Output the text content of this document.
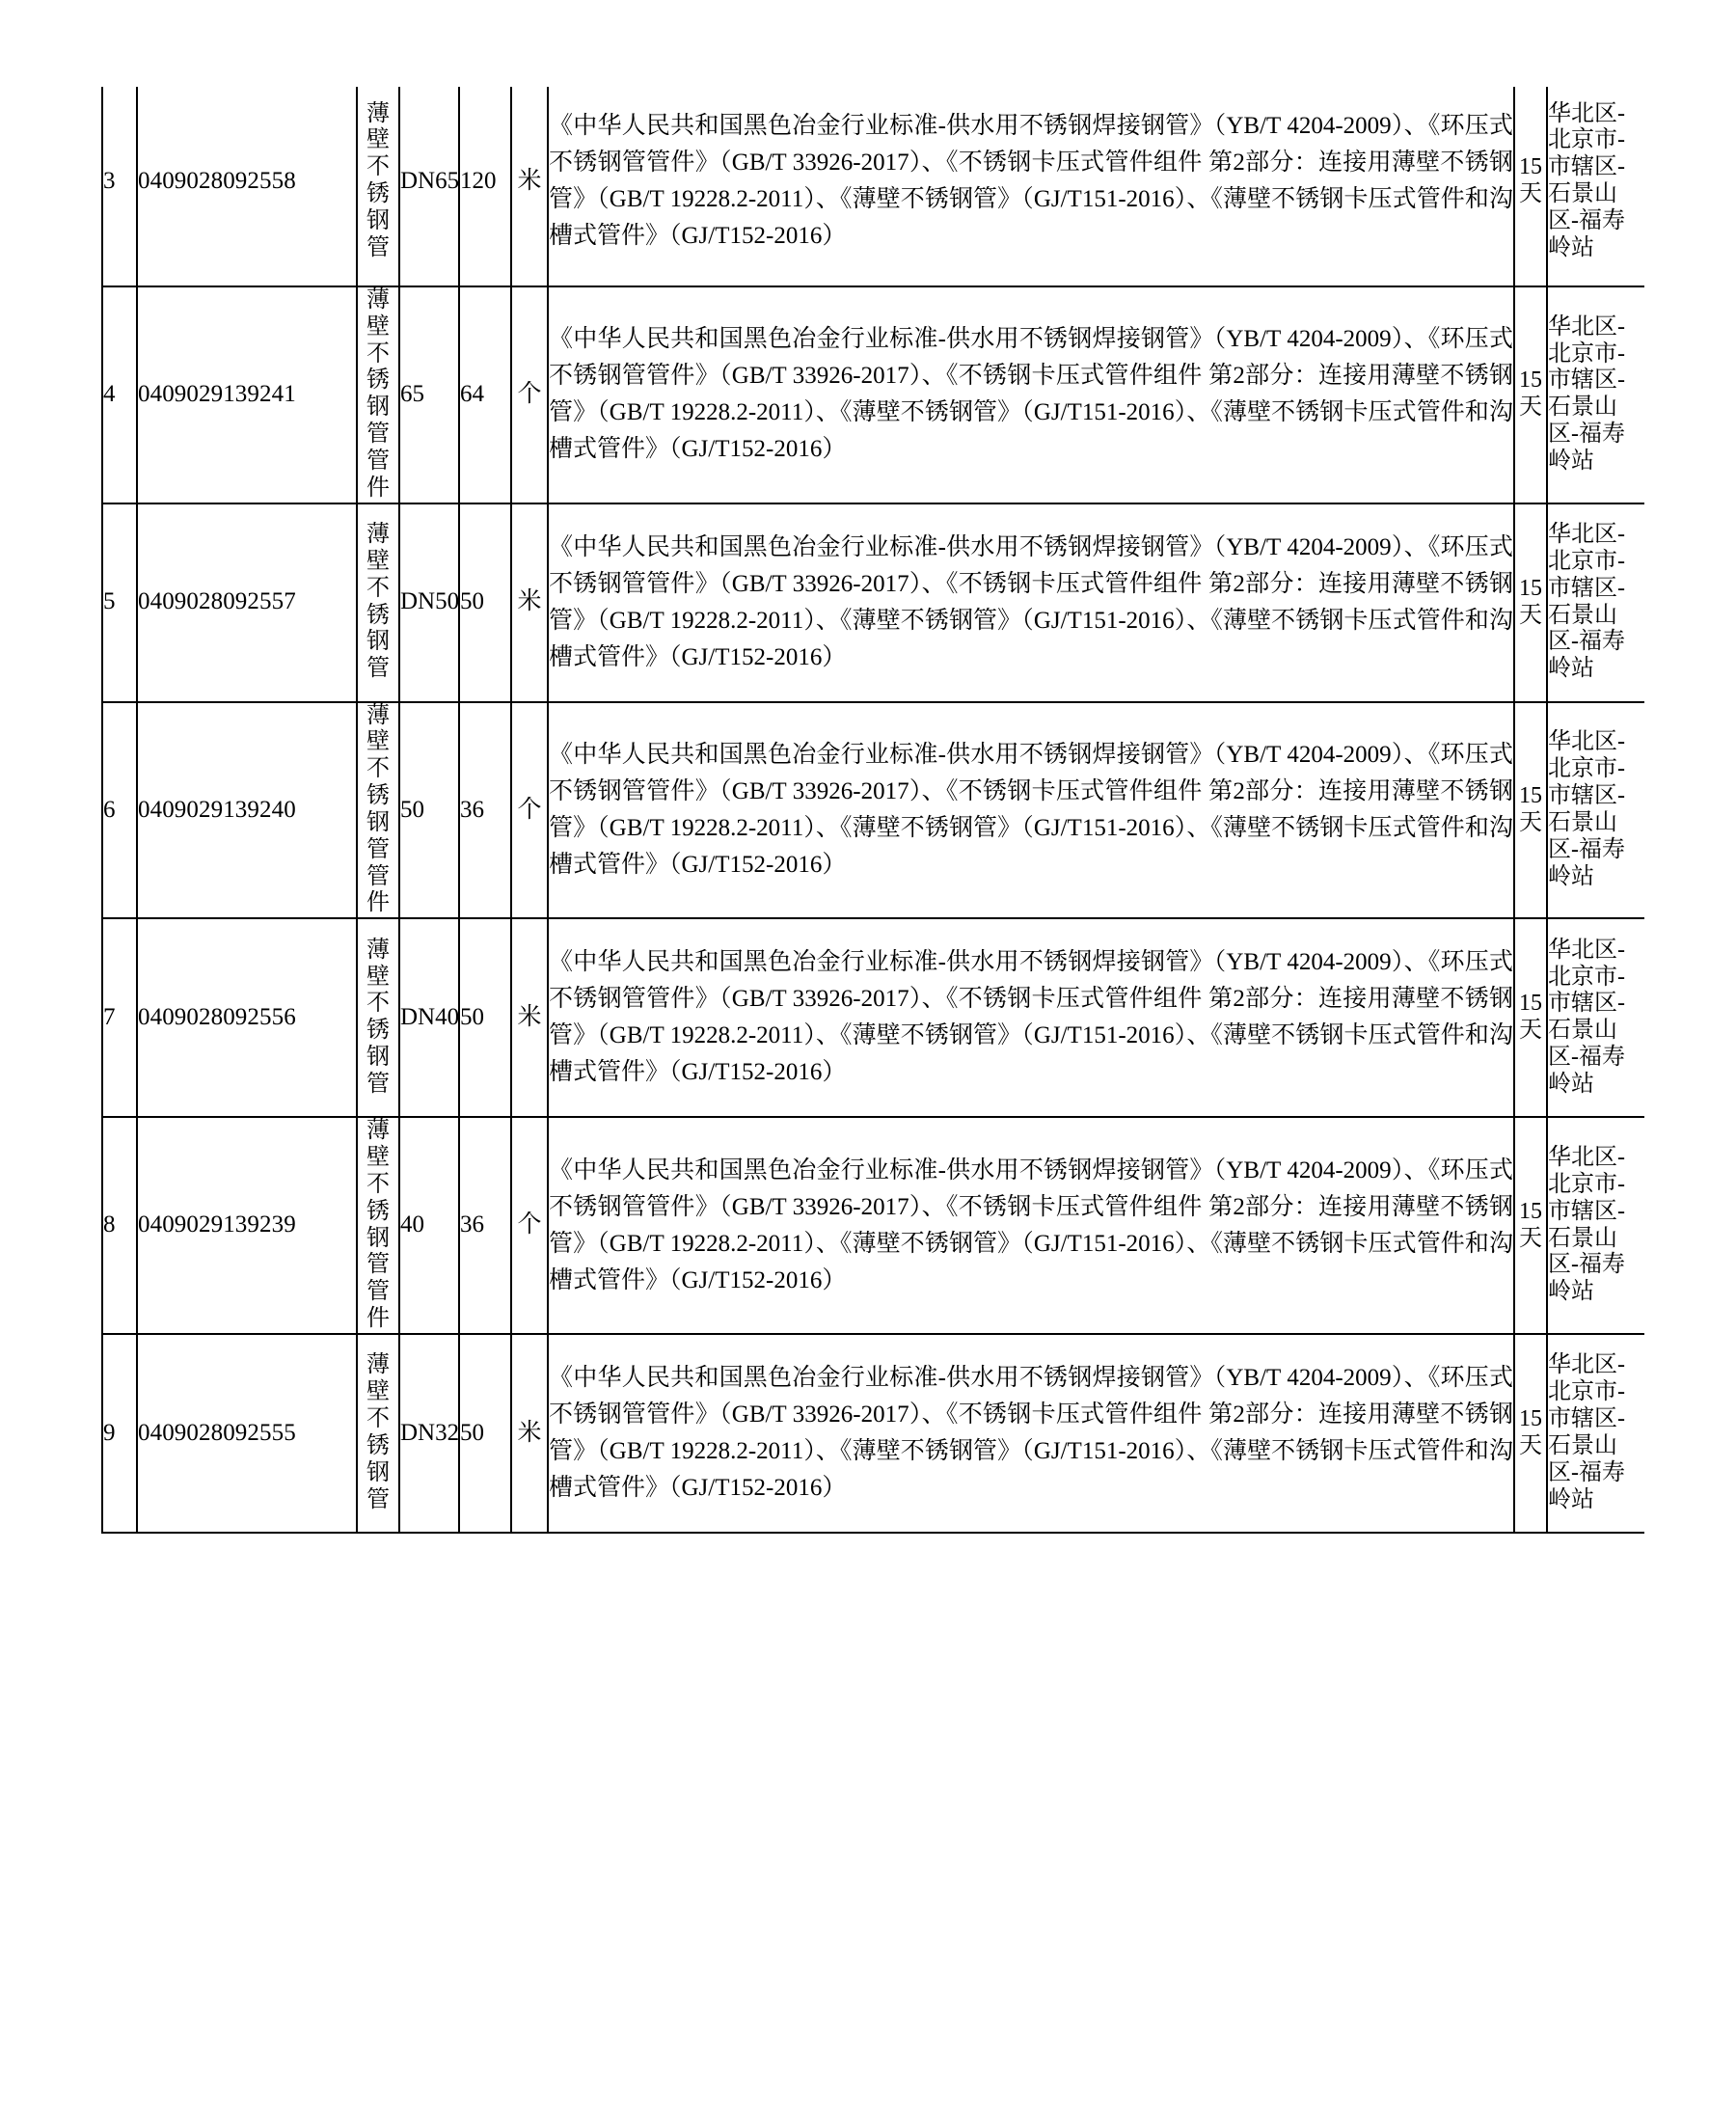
3	0409028092558	薄壁不锈钢管	DN65	120	米	《中华人民共和国黑色冶金行业标准-供水用不锈钢焊接钢管》（YB/T 4204-2009）、《环压式不锈钢管管件》（GB/T 33926-2017）、《不锈钢卡压式管件组件 第2部分：连接用薄壁不锈钢管》（GB/T 19228.2-2011）、《薄壁不锈钢管》（GJ/T151-2016）、《薄壁不锈钢卡压式管件和沟槽式管件》（GJ/T152-2016）	15天	华北区-北京市-市辖区-石景山区-福寿岭站
4	0409029139241	薄壁不锈钢管管件	65	64	个	《中华人民共和国黑色冶金行业标准-供水用不锈钢焊接钢管》（YB/T 4204-2009）、《环压式不锈钢管管件》（GB/T 33926-2017）、《不锈钢卡压式管件组件 第2部分：连接用薄壁不锈钢管》（GB/T 19228.2-2011）、《薄壁不锈钢管》（GJ/T151-2016）、《薄壁不锈钢卡压式管件和沟槽式管件》（GJ/T152-2016）	15天	华北区-北京市-市辖区-石景山区-福寿岭站
5	0409028092557	薄壁不锈钢管	DN50	50	米	《中华人民共和国黑色冶金行业标准-供水用不锈钢焊接钢管》（YB/T 4204-2009）、《环压式不锈钢管管件》（GB/T 33926-2017）、《不锈钢卡压式管件组件 第2部分：连接用薄壁不锈钢管》（GB/T 19228.2-2011）、《薄壁不锈钢管》（GJ/T151-2016）、《薄壁不锈钢卡压式管件和沟槽式管件》（GJ/T152-2016）	15天	华北区-北京市-市辖区-石景山区-福寿岭站
6	0409029139240	薄壁不锈钢管管件	50	36	个	《中华人民共和国黑色冶金行业标准-供水用不锈钢焊接钢管》（YB/T 4204-2009）、《环压式不锈钢管管件》（GB/T 33926-2017）、《不锈钢卡压式管件组件 第2部分：连接用薄壁不锈钢管》（GB/T 19228.2-2011）、《薄壁不锈钢管》（GJ/T151-2016）、《薄壁不锈钢卡压式管件和沟槽式管件》（GJ/T152-2016）	15天	华北区-北京市-市辖区-石景山区-福寿岭站
7	0409028092556	薄壁不锈钢管	DN40	50	米	《中华人民共和国黑色冶金行业标准-供水用不锈钢焊接钢管》（YB/T 4204-2009）、《环压式不锈钢管管件》（GB/T 33926-2017）、《不锈钢卡压式管件组件 第2部分：连接用薄壁不锈钢管》（GB/T 19228.2-2011）、《薄壁不锈钢管》（GJ/T151-2016）、《薄壁不锈钢卡压式管件和沟槽式管件》（GJ/T152-2016）	15天	华北区-北京市-市辖区-石景山区-福寿岭站
8	0409029139239	薄壁不锈钢管管件	40	36	个	《中华人民共和国黑色冶金行业标准-供水用不锈钢焊接钢管》（YB/T 4204-2009）、《环压式不锈钢管管件》（GB/T 33926-2017）、《不锈钢卡压式管件组件 第2部分：连接用薄壁不锈钢管》（GB/T 19228.2-2011）、《薄壁不锈钢管》（GJ/T151-2016）、《薄壁不锈钢卡压式管件和沟槽式管件》（GJ/T152-2016）	15天	华北区-北京市-市辖区-石景山区-福寿岭站
9	0409028092555	薄壁不锈钢管	DN32	50	米	《中华人民共和国黑色冶金行业标准-供水用不锈钢焊接钢管》（YB/T 4204-2009）、《环压式不锈钢管管件》（GB/T 33926-2017）、《不锈钢卡压式管件组件 第2部分：连接用薄壁不锈钢管》（GB/T 19228.2-2011）、《薄壁不锈钢管》（GJ/T151-2016）、《薄壁不锈钢卡压式管件和沟槽式管件》（GJ/T152-2016）	15天	华北区-北京市-市辖区-石景山区-福寿岭站
